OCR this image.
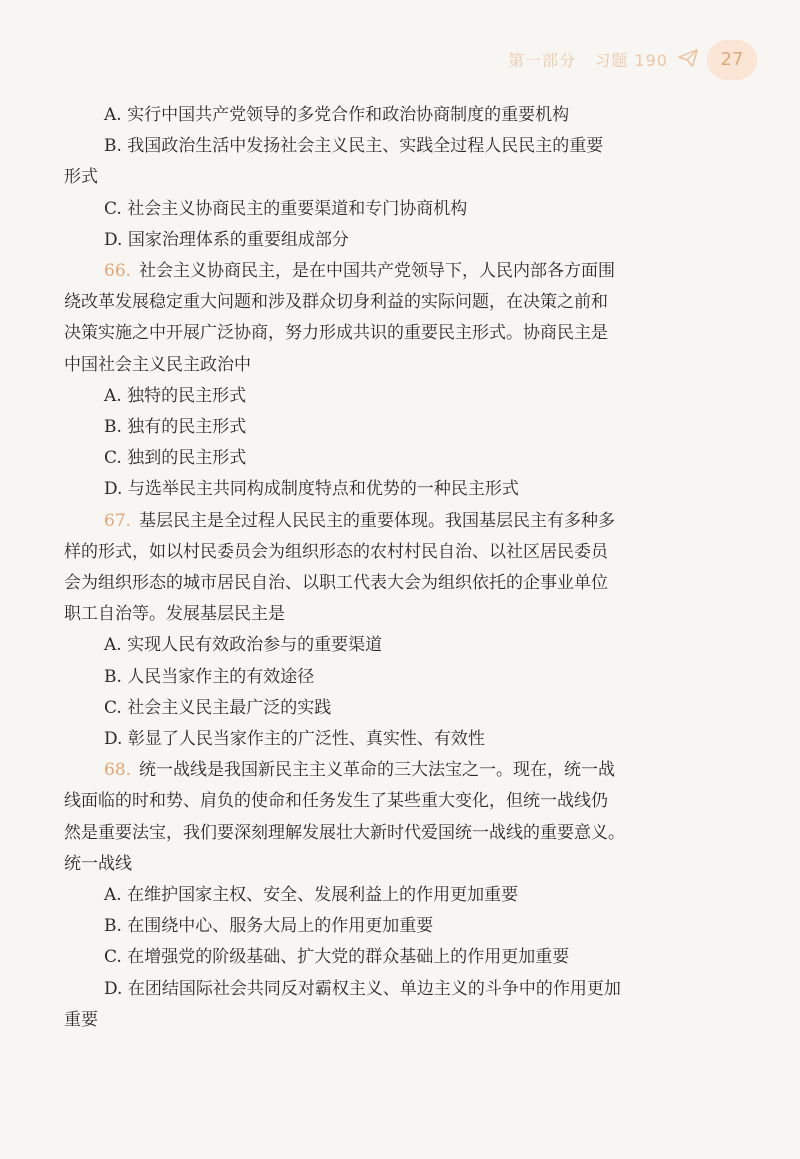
第一部分 习题 190	27
A. 实行中国共产党领导的多党合作和政治协商制度的重要机构
B. 我国政治生活中发扬社会主义民主、实践全过程人民民主的重要
形式
C. 社会主义协商民主的重要渠道和专门协商机构
D. 国家治理体系的重要组成部分
66. 社会主义协商民主，是在中国共产党领导下，人民内部各方面围
绕改革发展稳定重大问题和涉及群众切身利益的实际问题，在决策之前和
决策实施之中开展广泛协商，努力形成共识的重要民主形式。协商民主是
中国社会主义民主政治中
A. 独特的民主形式
B. 独有的民主形式
C. 独到的民主形式
D. 与选举民主共同构成制度特点和优势的一种民主形式
67. 基层民主是全过程人民民主的重要体现。我国基层民主有多种多
样的形式，如以村民委员会为组织形态的农村村民自治、以社区居民委员
会为组织形态的城市居民自治、以职工代表大会为组织依托的企事业单位
职工自治等。发展基层民主是
A. 实现人民有效政治参与的重要渠道
B. 人民当家作主的有效途径
C. 社会主义民主最广泛的实践
D. 彰显了人民当家作主的广泛性、真实性、有效性
68. 统一战线是我国新民主主义革命的三大法宝之一。现在，统一战
线面临的时和势、肩负的使命和任务发生了某些重大变化，但统一战线仍
然是重要法宝，我们要深刻理解发展壮大新时代爱国统一战线的重要意义。
统一战线
A. 在维护国家主权、安全、发展利益上的作用更加重要
B. 在围绕中心、服务大局上的作用更加重要
C. 在增强党的阶级基础、扩大党的群众基础上的作用更加重要
D. 在团结国际社会共同反对霸权主义、单边主义的斗争中的作用更加
重要
